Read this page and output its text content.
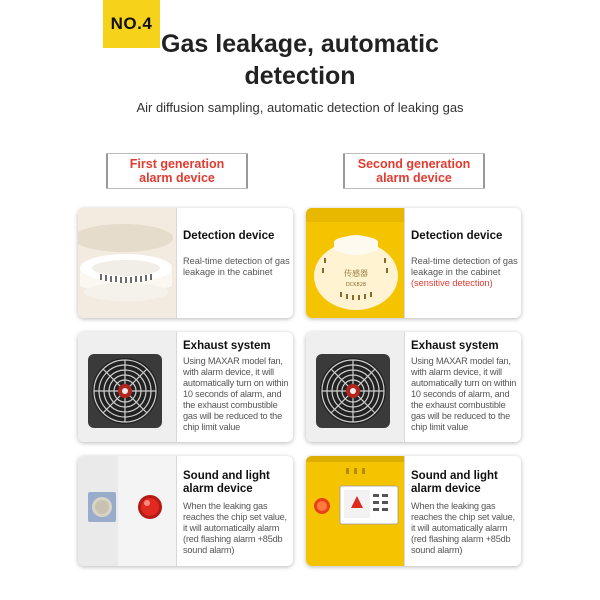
NO.4
Gas leakage, automatic
detection
Air diffusion sampling, automatic detection of leaking gas
First generation
alarm device
Second generation
alarm device
Detection device
Real-time detection of gas leakage in the cabinet	传感器
DCK828
Detection device
Real-time detection of gas leakage in the cabinet (sensitive detection)
Exhaust system
Using MAXAR model fan, with alarm device, it will automatically turn on within 10 seconds of alarm, and the exhaust combustible gas will be reduced to the chip limit value
Exhaust system
Using MAXAR model fan, with alarm device, it will automatically turn on within 10 seconds of alarm, and the exhaust combustible gas will be reduced to the chip limit value
Sound and light
alarm device
When the leaking gas reaches the chip set value, it will automatically alarm (red flashing alarm +85db sound alarm)
Sound and light
alarm device
When the leaking gas reaches the chip set value, it will automatically alarm (red flashing alarm +85db sound alarm)
